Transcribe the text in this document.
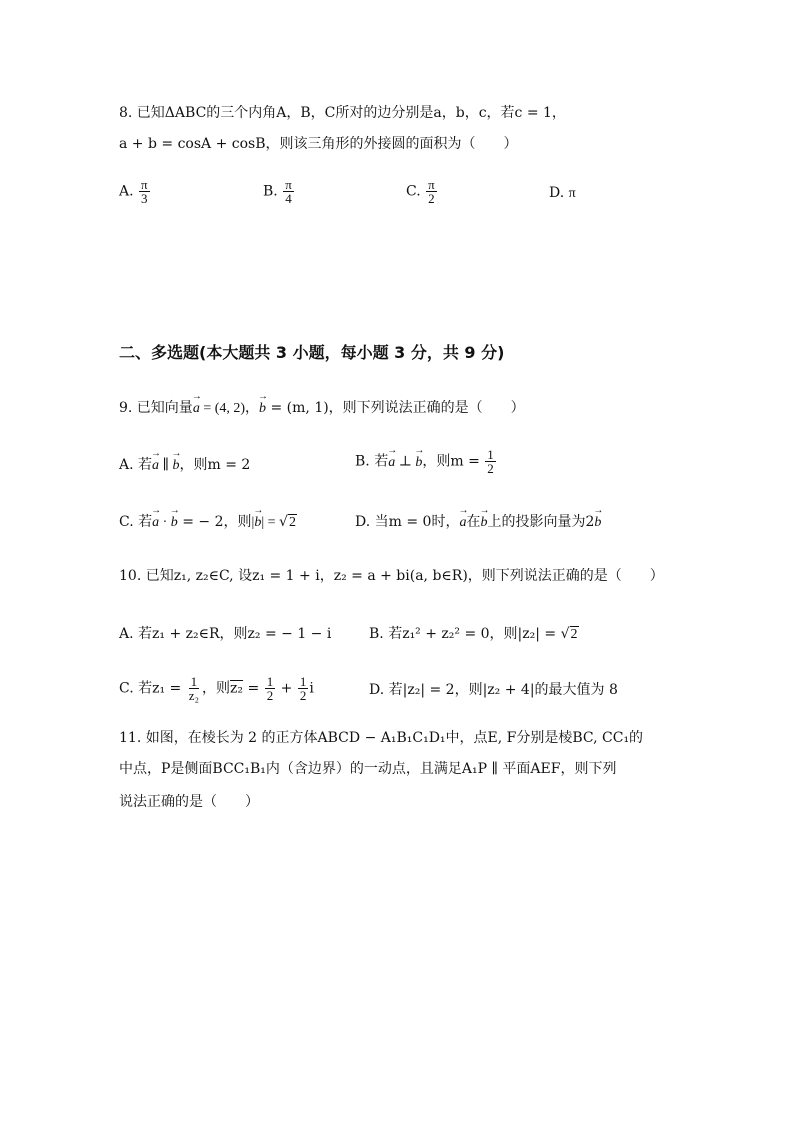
8. 已知ΔABC的三个内角A，B，C所对的边分别是a，b，c，若c = 1，
a + b = cosA + cosB，则该三角形的外接圆的面积为（　　）
A. $\frac{\pi}{3}$	B. $\frac{\pi}{4}$	C. $\frac{\pi}{2}$	D. π
二、多选题(本大题共 3 小题，每小题 3 分，共 9 分)
9. 已知向量→ a = (4, 2)，→ b = (m, 1)，则下列说法正确的是（　　）
A. 若→ a ∥ → b，则m = 2	B. 若→ a ⊥ → b，则$m = \frac{1}{2}$
C. 若→ a · → b = − 2，则|→ b| = √2	D. 当m = 0时，→ a在→ b上的投影向量为2→ b
10. 已知z₁, z₂∈C, 设z₁ = 1 + i，z₂ = a + bi(a, b∈R)，则下列说法正确的是（　　）
A. 若z₁ + z₂∈R，则z₂ = − 1 − i	B. 若z₁² + z₂² = 0，则|z₂| = √2
C. 若$z_1 = \frac{1}{\text{z₂}}$ ，则$z_2 = \frac{1}{2} + \frac{1}{2}$ i	D. 若|z₂| = 2，则|z₂ + 4|的最大值为 8
11. 如图，在棱长为 2 的正方体ABCD − A₁B₁C₁D₁中，点E, F分别是棱BC, CC₁的
中点，P是侧面BCC₁B₁内（含边界）的一动点，且满足A₁P ∥ 平面AEF，则下列
说法正确的是（　　）
